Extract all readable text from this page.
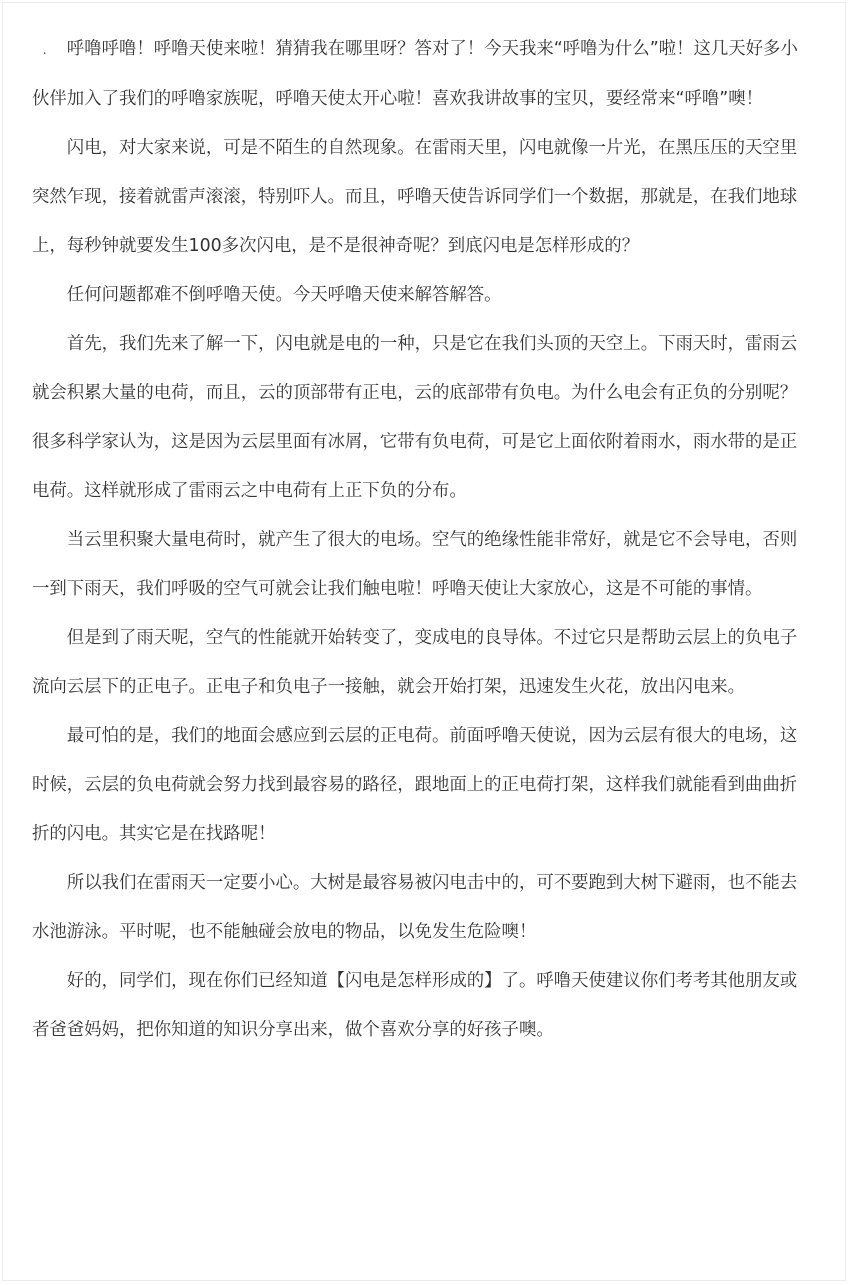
. 呼噜呼噜！呼噜天使来啦！猜猜我在哪里呀？答对了！今天我来“呼噜为什么”啦！这几天好多小伙伴加入了我们的呼噜家族呢，呼噜天使太开心啦！喜欢我讲故事的宝贝，要经常来“呼噜”噢！

闪电，对大家来说，可是不陌生的自然现象。在雷雨天里，闪电就像一片光，在黑压压的天空里突然乍现，接着就雷声滚滚，特别吓人。而且，呼噜天使告诉同学们一个数据，那就是，在我们地球上，每秒钟就要发生100多次闪电，是不是很神奇呢？到底闪电是怎样形成的？

任何问题都难不倒呼噜天使。今天呼噜天使来解答解答。

首先，我们先来了解一下，闪电就是电的一种，只是它在我们头顶的天空上。下雨天时，雷雨云就会积累大量的电荷，而且，云的顶部带有正电，云的底部带有负电。为什么电会有正负的分别呢？很多科学家认为，这是因为云层里面有冰屑，它带有负电荷，可是它上面依附着雨水，雨水带的是正电荷。这样就形成了雷雨云之中电荷有上正下负的分布。

当云里积聚大量电荷时，就产生了很大的电场。空气的绝缘性能非常好，就是它不会导电，否则一到下雨天，我们呼吸的空气可就会让我们触电啦！呼噜天使让大家放心，这是不可能的事情。

但是到了雨天呢，空气的性能就开始转变了，变成电的良导体。不过它只是帮助云层上的负电子流向云层下的正电子。正电子和负电子一接触，就会开始打架，迅速发生火花，放出闪电来。

最可怕的是，我们的地面会感应到云层的正电荷。前面呼噜天使说，因为云层有很大的电场，这时候，云层的负电荷就会努力找到最容易的路径，跟地面上的正电荷打架，这样我们就能看到曲曲折折的闪电。其实它是在找路呢！

所以我们在雷雨天一定要小心。大树是最容易被闪电击中的，可不要跑到大树下避雨，也不能去水池游泳。平时呢，也不能触碰会放电的物品，以免发生危险噢！

好的，同学们，现在你们已经知道【闪电是怎样形成的】了。呼噜天使建议你们考考其他朋友或者爸爸妈妈，把你知道的知识分享出来，做个喜欢分享的好孩子噢。
